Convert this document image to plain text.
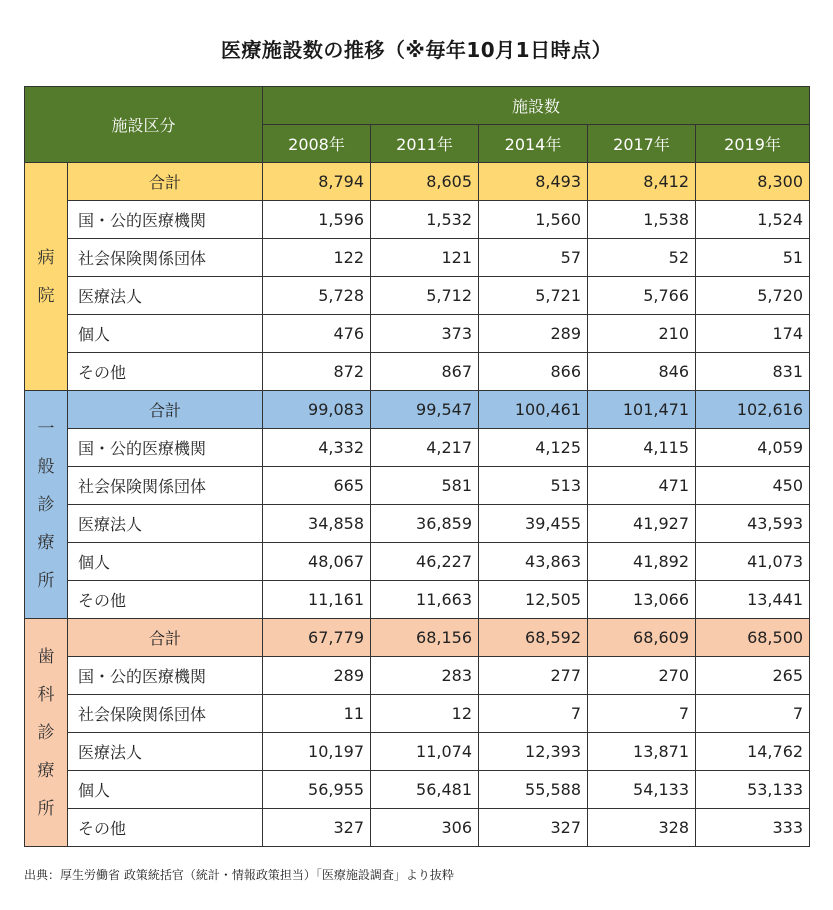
医療施設数の推移（※毎年10月1日時点）
施設区分		施設数				
		2008年	2011年	2014年	2017年	2019年

病
院	合計	8,794	8,605	8,493	8,412	8,300
	国・公的医療機関	1,596	1,532	1,560	1,538	1,524
	社会保険関係団体	122	121	57	52	51
	医療法人	5,728	5,712	5,721	5,766	5,720
	個人	476	373	289	210	174
	その他	872	867	866	846	831

一
般
診
療
所	合計	99,083	99,547	100,461	101,471	102,616
	国・公的医療機関	4,332	4,217	4,125	4,115	4,059
	社会保険関係団体	665	581	513	471	450
	医療法人	34,858	36,859	39,455	41,927	43,593
	個人	48,067	46,227	43,863	41,892	41,073
	その他	11,161	11,663	12,505	13,066	13,441

歯
科
診
療
所	合計	67,779	68,156	68,592	68,609	68,500
	国・公的医療機関	289	283	277	270	265
	社会保険関係団体	11	12	7	7	7
	医療法人	10,197	11,074	12,393	13,871	14,762
	個人	56,955	56,481	55,588	54,133	53,133
	その他	327	306	327	328	333
出典：厚生労働省 政策統括官（統計・情報政策担当）「医療施設調査」より抜粋
